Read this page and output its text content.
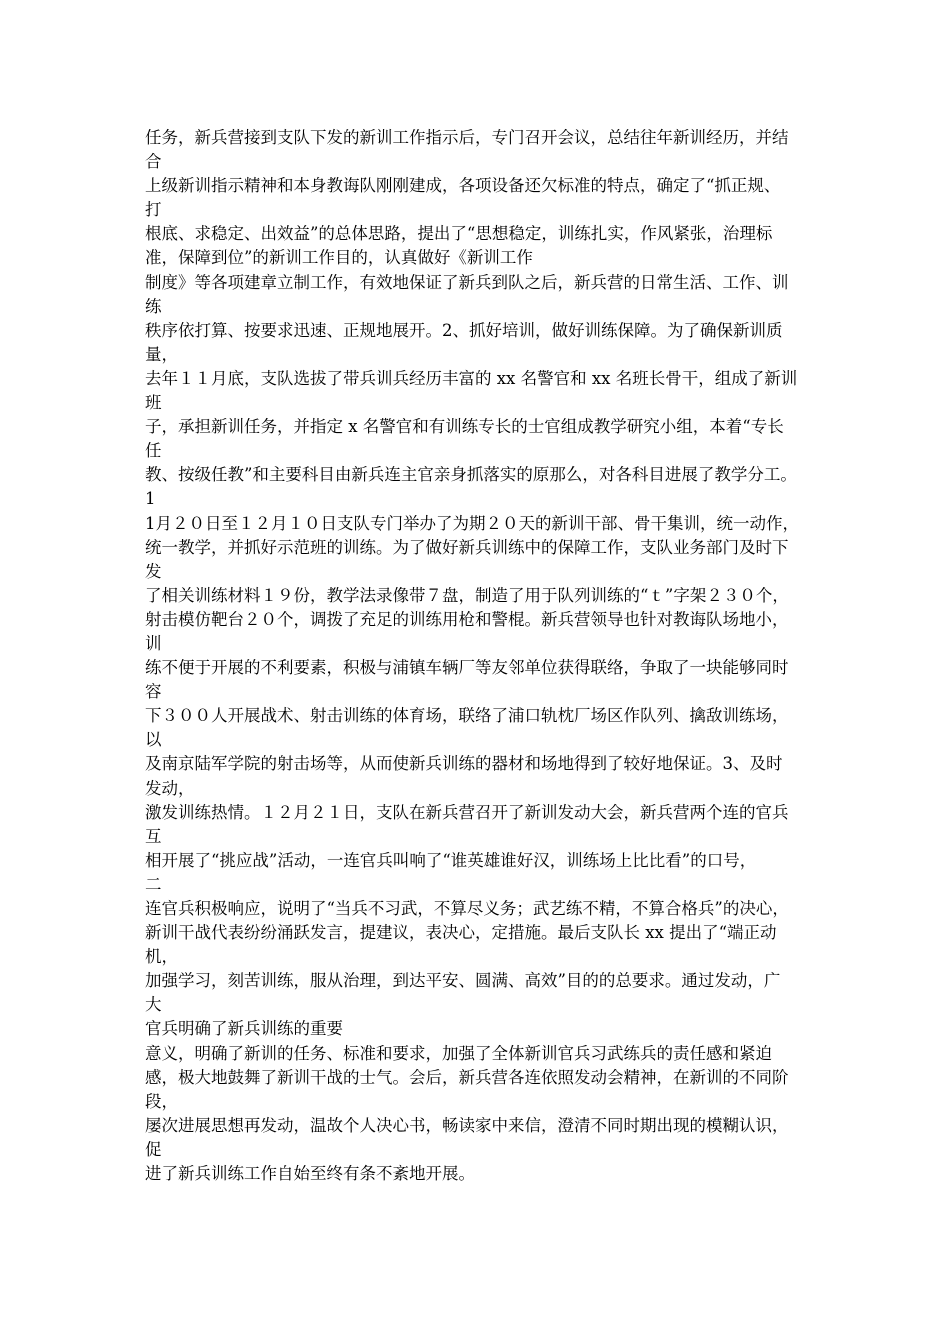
任务，新兵营接到支队下发的新训工作指示后，专门召开会议，总结往年新训经历，并结
合
上级新训指示精神和本身教诲队刚刚建成，各项设备还欠标准的特点，确定了“抓正规、
打
根底、求稳定、出效益”的总体思路，提出了“思想稳定，训练扎实，作风紧张，治理标
准，保障到位”的新训工作目的，认真做好《新训工作
制度》等各项建章立制工作，有效地保证了新兵到队之后，新兵营的日常生活、工作、训
练
秩序依打算、按要求迅速、正规地展开。2、抓好培训，做好训练保障。为了确保新训质
量，
去年１１月底，支队选拔了带兵训兵经历丰富的 xx 名警官和 xx 名班长骨干，组成了新训
班
子，承担新训任务，并指定 x 名警官和有训练专长的士官组成教学研究小组，本着“专长
任
教、按级任教”和主要科目由新兵连主官亲身抓落实的原那么，对各科目进展了教学分工。
1
1月２０日至１２月１０日支队专门举办了为期２０天的新训干部、骨干集训，统一动作，
统一教学，并抓好示范班的训练。为了做好新兵训练中的保障工作，支队业务部门及时下
发
了相关训练材料１９份，教学法录像带７盘，制造了用于队列训练的“ｔ”字架２３０个，
射击模仿靶台２０个，调拨了充足的训练用枪和警棍。新兵营领导也针对教诲队场地小，
训
练不便于开展的不利要素，积极与浦镇车辆厂等友邻单位获得联络，争取了一块能够同时
容
下３００人开展战术、射击训练的体育场，联络了浦口轨枕厂场区作队列、擒敌训练场，
以
及南京陆军学院的射击场等，从而使新兵训练的器材和场地得到了较好地保证。3、及时
发动，
激发训练热情。１２月２１日，支队在新兵营召开了新训发动大会，新兵营两个连的官兵
互
相开展了“挑应战”活动，一连官兵叫响了“谁英雄谁好汉，训练场上比比看”的口号，
二
连官兵积极响应，说明了“当兵不习武，不算尽义务；武艺练不精，不算合格兵”的决心，
新训干战代表纷纷涌跃发言，提建议，表决心，定措施。最后支队长 xx 提出了“端正动
机，
加强学习，刻苦训练，服从治理，到达平安、圆满、高效”目的的总要求。通过发动，广
大
官兵明确了新兵训练的重要
意义，明确了新训的任务、标准和要求，加强了全体新训官兵习武练兵的责任感和紧迫
感，极大地鼓舞了新训干战的士气。会后，新兵营各连依照发动会精神，在新训的不同阶
段，
屡次进展思想再发动，温故个人决心书，畅读家中来信，澄清不同时期出现的模糊认识，
促
进了新兵训练工作自始至终有条不紊地开展。
